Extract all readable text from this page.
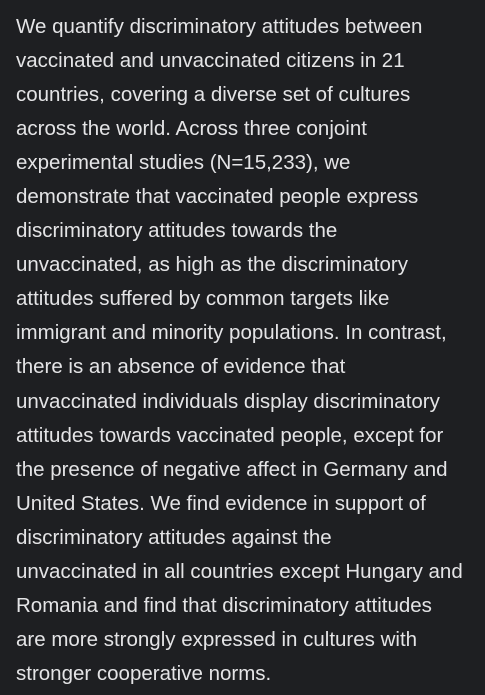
We quantify discriminatory attitudes between
vaccinated and unvaccinated citizens in 21
countries, covering a diverse set of cultures
across the world. Across three conjoint
experimental studies (N=15,233), we
demonstrate that vaccinated people express
discriminatory attitudes towards the
unvaccinated, as high as the discriminatory
attitudes suffered by common targets like
immigrant and minority populations. In contrast,
there is an absence of evidence that
unvaccinated individuals display discriminatory
attitudes towards vaccinated people, except for
the presence of negative affect in Germany and
United States. We find evidence in support of
discriminatory attitudes against the
unvaccinated in all countries except Hungary and
Romania and find that discriminatory attitudes
are more strongly expressed in cultures with
stronger cooperative norms.
